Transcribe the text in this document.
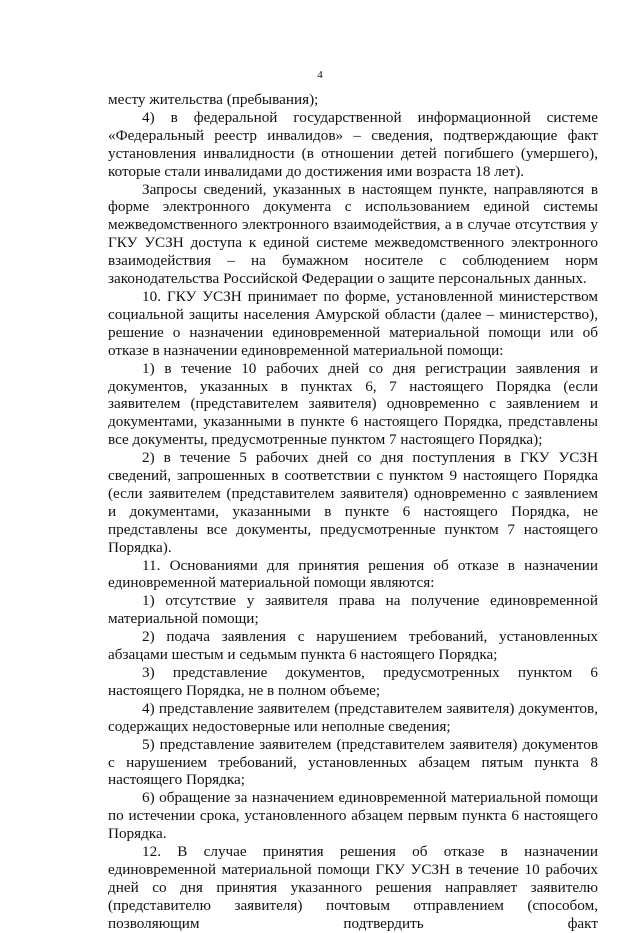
4

месту жительства (пребывания);

4) в федеральной государственной информационной системе «Федеральный реестр инвалидов» – сведения, подтверждающие факт установления инвалидности (в отношении детей погибшего (умершего), которые стали инвалидами до достижения ими возраста 18 лет).

Запросы сведений, указанных в настоящем пункте, направляются в форме электронного документа с использованием единой системы межведомственного электронного взаимодействия, а в случае отсутствия у ГКУ УСЗН доступа к единой системе межведомственного электронного взаимодействия – на бумажном носителе с соблюдением норм законодательства Российской Федерации о защите персональных данных.

10. ГКУ УСЗН принимает по форме, установленной министерством социальной защиты населения Амурской области (далее – министерство), решение о назначении единовременной материальной помощи или об отказе в назначении единовременной материальной помощи:

1) в течение 10 рабочих дней со дня регистрации заявления и документов, указанных в пунктах 6, 7 настоящего Порядка (если заявителем (представителем заявителя) одновременно с заявлением и документами, указанными в пункте 6 настоящего Порядка, представлены все документы, предусмотренные пунктом 7 настоящего Порядка);

2) в течение 5 рабочих дней со дня поступления в ГКУ УСЗН сведений, запрошенных в соответствии с пунктом 9 настоящего Порядка (если заявителем (представителем заявителя) одновременно с заявлением и документами, указанными в пункте 6 настоящего Порядка, не представлены все документы, предусмотренные пунктом 7 настоящего Порядка).

11. Основаниями для принятия решения об отказе в назначении единовременной материальной помощи являются:

1) отсутствие у заявителя права на получение единовременной материальной помощи;

2) подача заявления с нарушением требований, установленных абзацами шестым и седьмым пункта 6 настоящего Порядка;

3) представление документов, предусмотренных пунктом 6 настоящего Порядка, не в полном объеме;

4) представление заявителем (представителем заявителя) документов, содержащих недостоверные или неполные сведения;

5) представление заявителем (представителем заявителя) документов с нарушением требований, установленных абзацем пятым пункта 8 настоящего Порядка;

6) обращение за назначением единовременной материальной помощи по истечении срока, установленного абзацем первым пункта 6 настоящего Порядка.

12. В случае принятия решения об отказе в назначении единовременной материальной помощи ГКУ УСЗН в течение 10 рабочих дней со дня принятия указанного решения направляет заявителю (представителю заявителя) почтовым отправлением (способом, позволяющим подтвердить факт
